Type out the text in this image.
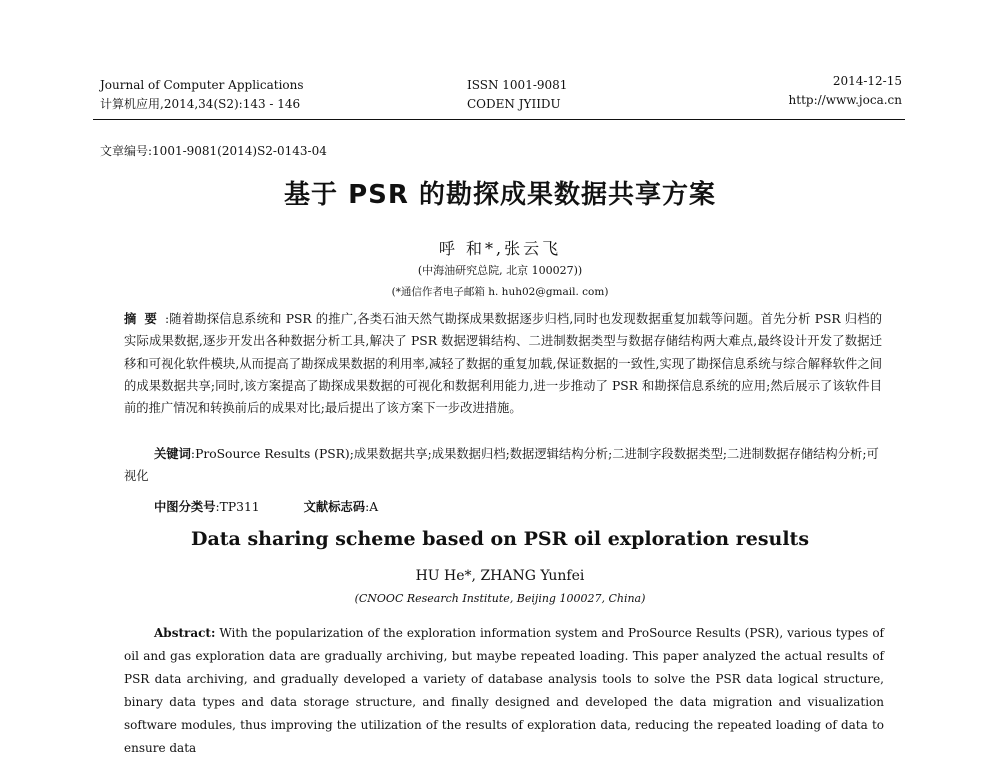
Journal of Computer Applications
计算机应用,2014,34(S2):143 - 146
ISSN 1001-9081
CODEN JYIIDU
2014-12-15
http://www.joca.cn
文章编号:1001-9081(2014)S2-0143-04
基于 PSR 的勘探成果数据共享方案
呼 和*,张云飞
(中海油研究总院, 北京 100027))
(*通信作者电子邮箱 h. huh02@gmail. com)
摘要:随着勘探信息系统和 PSR 的推广,各类石油天然气勘探成果数据逐步归档,同时也发现数据重复加载等问题。首先分析 PSR 归档的实际成果数据,逐步开发出各种数据分析工具,解决了 PSR 数据逻辑结构、二进制数据类型与数据存储结构两大难点,最终设计开发了数据迁移和可视化软件模块,从而提高了勘探成果数据的利用率,减轻了数据的重复加载,保证数据的一致性,实现了勘探信息系统与综合解释软件之间的成果数据共享;同时,该方案提高了勘探成果数据的可视化和数据利用能力,进一步推动了 PSR 和勘探信息系统的应用;然后展示了该软件目前的推广情况和转换前后的成果对比;最后提出了该方案下一步改进措施。
关键词:ProSource Results (PSR);成果数据共享;成果数据归档;数据逻辑结构分析;二进制字段数据类型;二进制数据存储结构分析;可视化
中图分类号:TP311	文献标志码:A
Data sharing scheme based on PSR oil exploration results
HU He*, ZHANG Yunfei
(CNOOC Research Institute, Beijing 100027, China)
Abstract: With the popularization of the exploration information system and ProSource Results (PSR), various types of oil and gas exploration data are gradually archiving, but maybe repeated loading. This paper analyzed the actual results of PSR data archiving, and gradually developed a variety of database analysis tools to solve the PSR data logical structure, binary data types and data storage structure, and finally designed and developed the data migration and visualization software modules, thus improving the utilization of the results of exploration data, reducing the repeated loading of data to ensure data
